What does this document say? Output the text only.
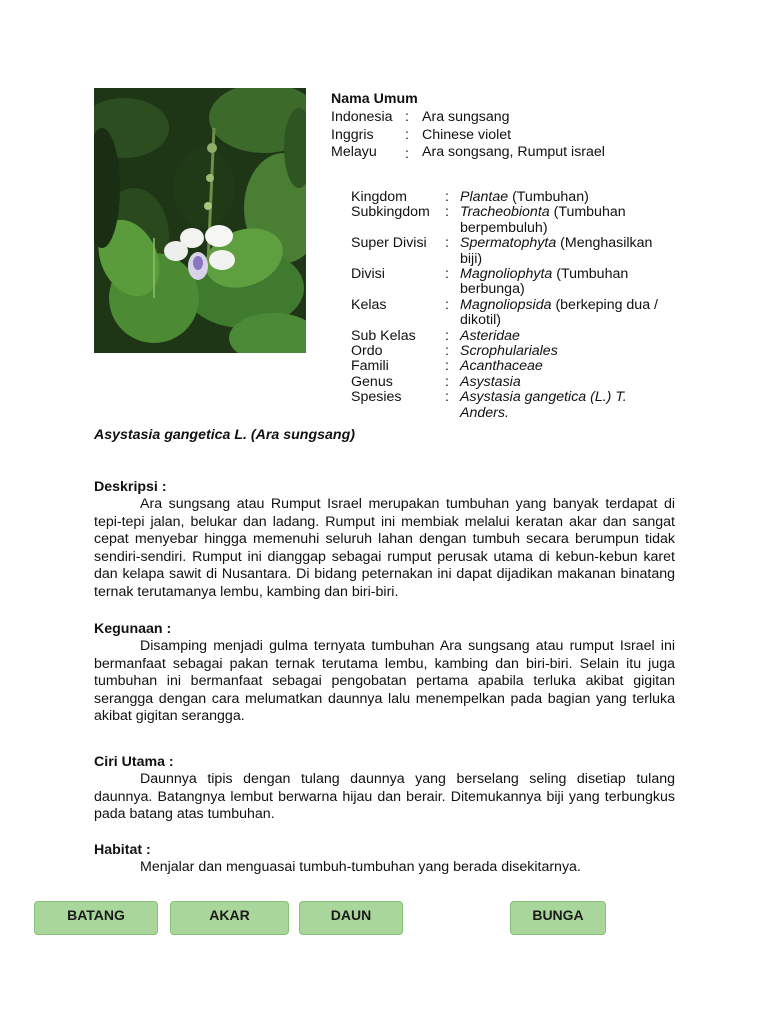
Nama Umum
Indonesia : Ara sungsang
Inggris	: Chinese violet
Melayu	: Ara songsang, Rumput israel
Kingdom	: Plantae (Tumbuhan)
Subkingdom	: Tracheobionta (Tumbuhan berpembuluh)
Super Divisi	: Spermatophyta (Menghasilkan biji)
Divisi	: Magnoliophyta (Tumbuhan berbunga)
Kelas	: Magnoliopsida (berkeping dua / dikotil)
Sub Kelas	: Asteridae
Ordo	: Scrophulariales
Famili	: Acanthaceae
Genus	: Asystasia
Spesies	: Asystasia gangetica (L.) T. Anders.
Asystasia gangetica L. (Ara sungsang)
Deskripsi :
Ara sungsang atau Rumput Israel merupakan tumbuhan yang banyak terdapat di tepi-tepi jalan, belukar dan ladang. Rumput ini membiak melalui keratan akar dan sangat cepat menyebar hingga memenuhi seluruh lahan dengan tumbuh secara berumpun tidak sendiri-sendiri. Rumput ini dianggap sebagai rumput perusak utama di kebun-kebun karet dan kelapa sawit di Nusantara. Di bidang peternakan ini dapat dijadikan makanan binatang ternak terutamanya lembu, kambing dan biri-biri.
Kegunaan :
Disamping menjadi gulma ternyata tumbuhan Ara sungsang atau rumput Israel ini bermanfaat sebagai pakan ternak terutama lembu, kambing dan biri-biri. Selain itu juga tumbuhan ini bermanfaat sebagai pengobatan pertama apabila terluka akibat gigitan serangga dengan cara melumatkan daunnya lalu menempelkan pada bagian yang terluka akibat gigitan serangga.
Ciri Utama :
Daunnya tipis dengan tulang daunnya yang berselang seling disetiap tulang daunnya. Batangnya lembut berwarna hijau dan berair. Ditemukannya biji yang terbungkus pada batang atas tumbuhan.
Habitat :
Menjalar dan menguasai tumbuh-tumbuhan yang berada disekitarnya.
BATANG	AKAR	DAUN	BUNGA
